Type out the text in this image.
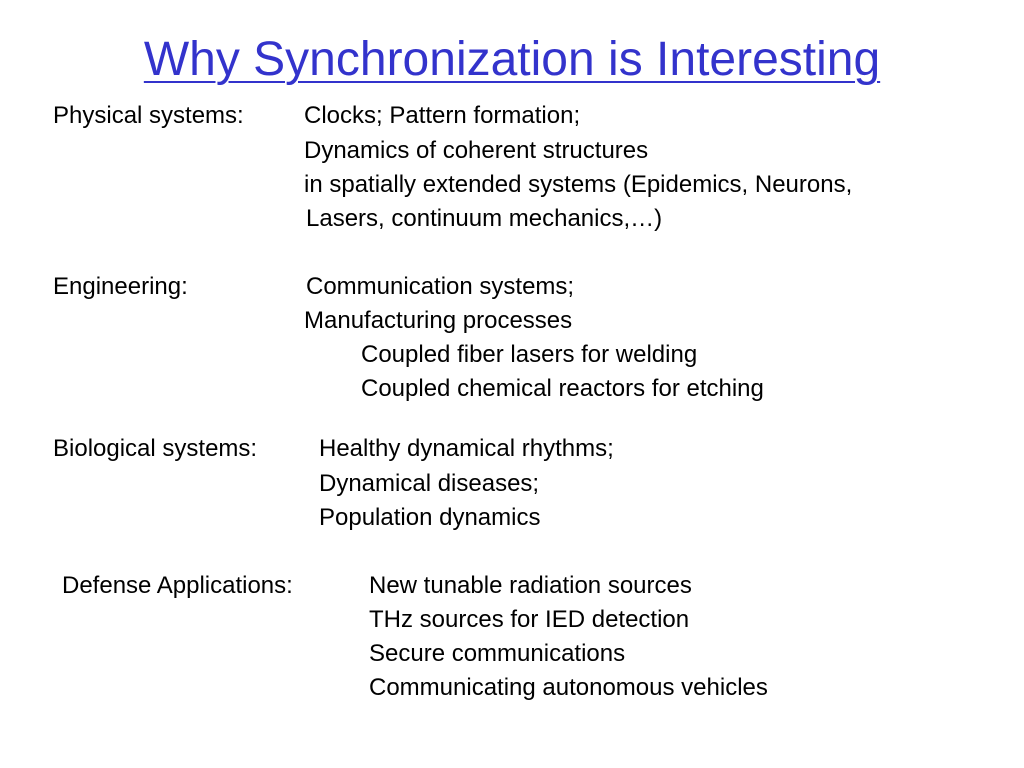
Why Synchronization is Interesting
Physical systems:	Clocks; Pattern formation;
Dynamics of coherent structures
in spatially extended systems (Epidemics, Neurons,
Lasers, continuum mechanics,…)
Engineering:	Communication systems;
Manufacturing processes
Coupled fiber lasers for welding
Coupled chemical reactors for etching
Biological systems:	Healthy dynamical rhythms;
Dynamical diseases;
Population dynamics
Defense Applications:	New tunable radiation sources
THz sources for IED detection
Secure communications
Communicating autonomous vehicles
